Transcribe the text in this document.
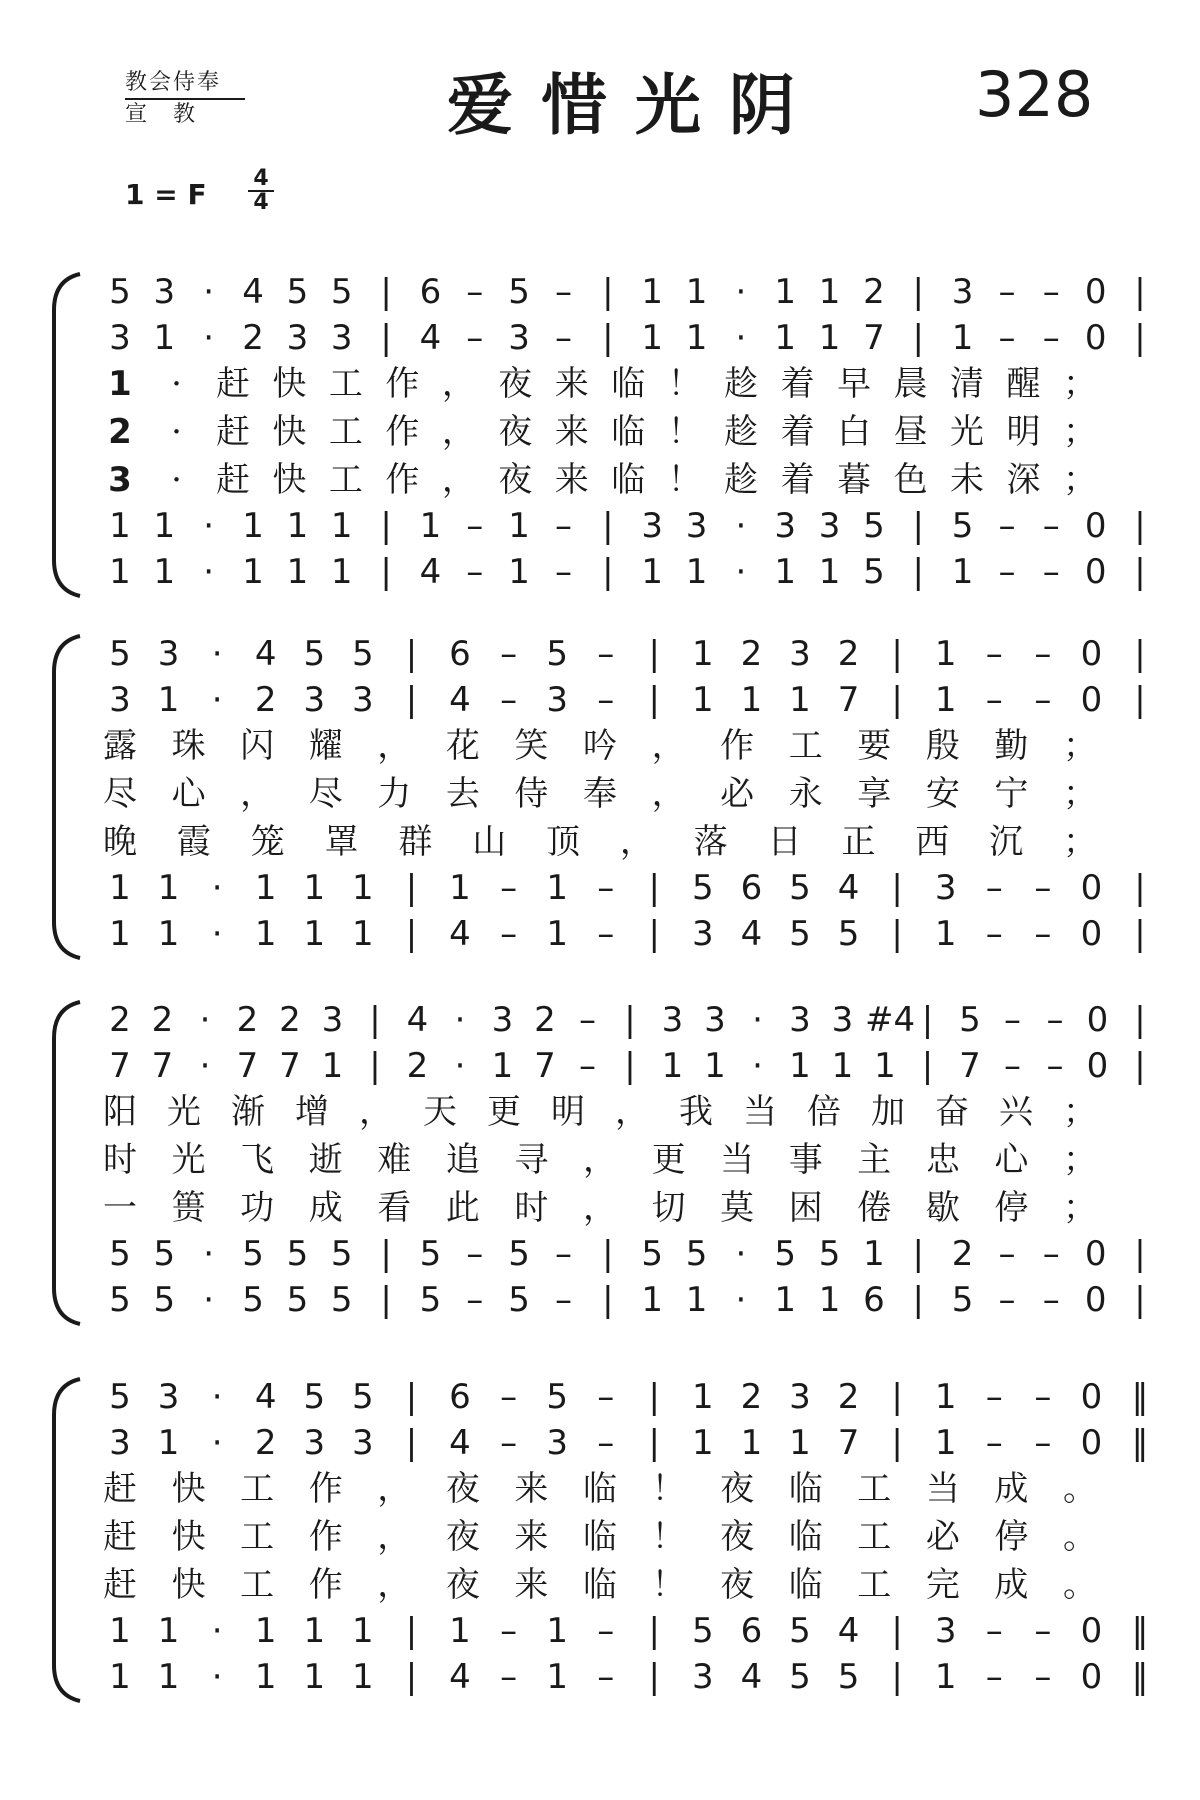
教会侍奉
宣　教	爱惜光阴	328
1 = F 4
4
5 3 · 4 5 5 | 6 – 5 – | 1 1 · 1 1 2 | 3 – – 0 |
3 1 · 2 3 3 | 4 – 3 – | 1 1 · 1 1 7 | 1 – – 0 |
1 1 · 1 1 1 | 1 – 1 – | 3 3 · 3 3 5 | 5 – – 0 |
1 1 · 1 1 1 | 4 – 1 – | 1 1 · 1 1 5 | 1 – – 0 |
1	·	赶 快 工 作 ， 夜 来 临 ！ 趁 着 早 晨 清 醒 ；
2	·	赶 快 工 作 ， 夜 来 临 ！ 趁 着 白 昼 光 明 ；
3	·	赶 快 工 作 ， 夜 来 临 ！ 趁 着 暮 色 未 深 ；
5 3 · 4 5 5 | 6 – 5 –	| 1 2 3 2 | 1 – – 0 |
3 1 · 2 3 3 | 4 – 3 –	| 1 1 1 7 | 1 – – 0 |
1 1 · 1 1 1 | 1 – 1 –	| 5 6 5 4 | 3 – – 0 |
1 1 · 1 1 1 | 4 – 1 –	| 3 4 5 5 | 1 – – 0 |
露 珠 闪 耀 ， 花 笑 吟 ， 作 工 要 殷 勤 ；
尽 心 ， 尽 力 去 侍 奉 ， 必 永 享 安 宁 ；
晚 霞 笼 罩 群 山 顶 ， 落 日 正 西 沉 ；
2 2 · 2 2 3 | 4 · 3 2 – | 3 3 · 3 3 #4 | 5 – – 0 |
7 7 · 7 7 1 | 2 · 1 7 – | 1 1 · 1 1 1 | 7 – – 0 |
5 5 · 5 5 5 | 5 – 5 – | 5 5 · 5 5 1 | 2 – – 0 |
5 5 · 5 5 5 | 5 – 5 – | 1 1 · 1 1 6 | 5 – – 0 |
阳 光 渐 增 ， 天 更 明 ， 我 当 倍 加 奋 兴 ；
时 光 飞 逝 难 追 寻 ， 更 当 事 主 忠 心 ；
一 篑 功 成 看 此 时 ， 切 莫 困 倦 歇 停 ；
5 3 · 4 5 5 | 6 – 5 –	| 1 2 3 2 | 1 – – 0 ‖
3 1 · 2 3 3 | 4 – 3 –	| 1 1 1 7 | 1 – – 0 ‖
1 1 · 1 1 1 | 1 – 1 –	| 5 6 5 4 | 3 – – 0 ‖
1 1 · 1 1 1 | 4 – 1 –	| 3 4 5 5 | 1 – – 0 ‖
赶 快 工 作 ， 夜 来 临 ！ 夜 临 工 当 成 。
赶 快 工 作 ， 夜 来 临 ！ 夜 临 工 必 停 。
赶 快 工 作 ， 夜 来 临 ！ 夜 临 工 完 成 。
